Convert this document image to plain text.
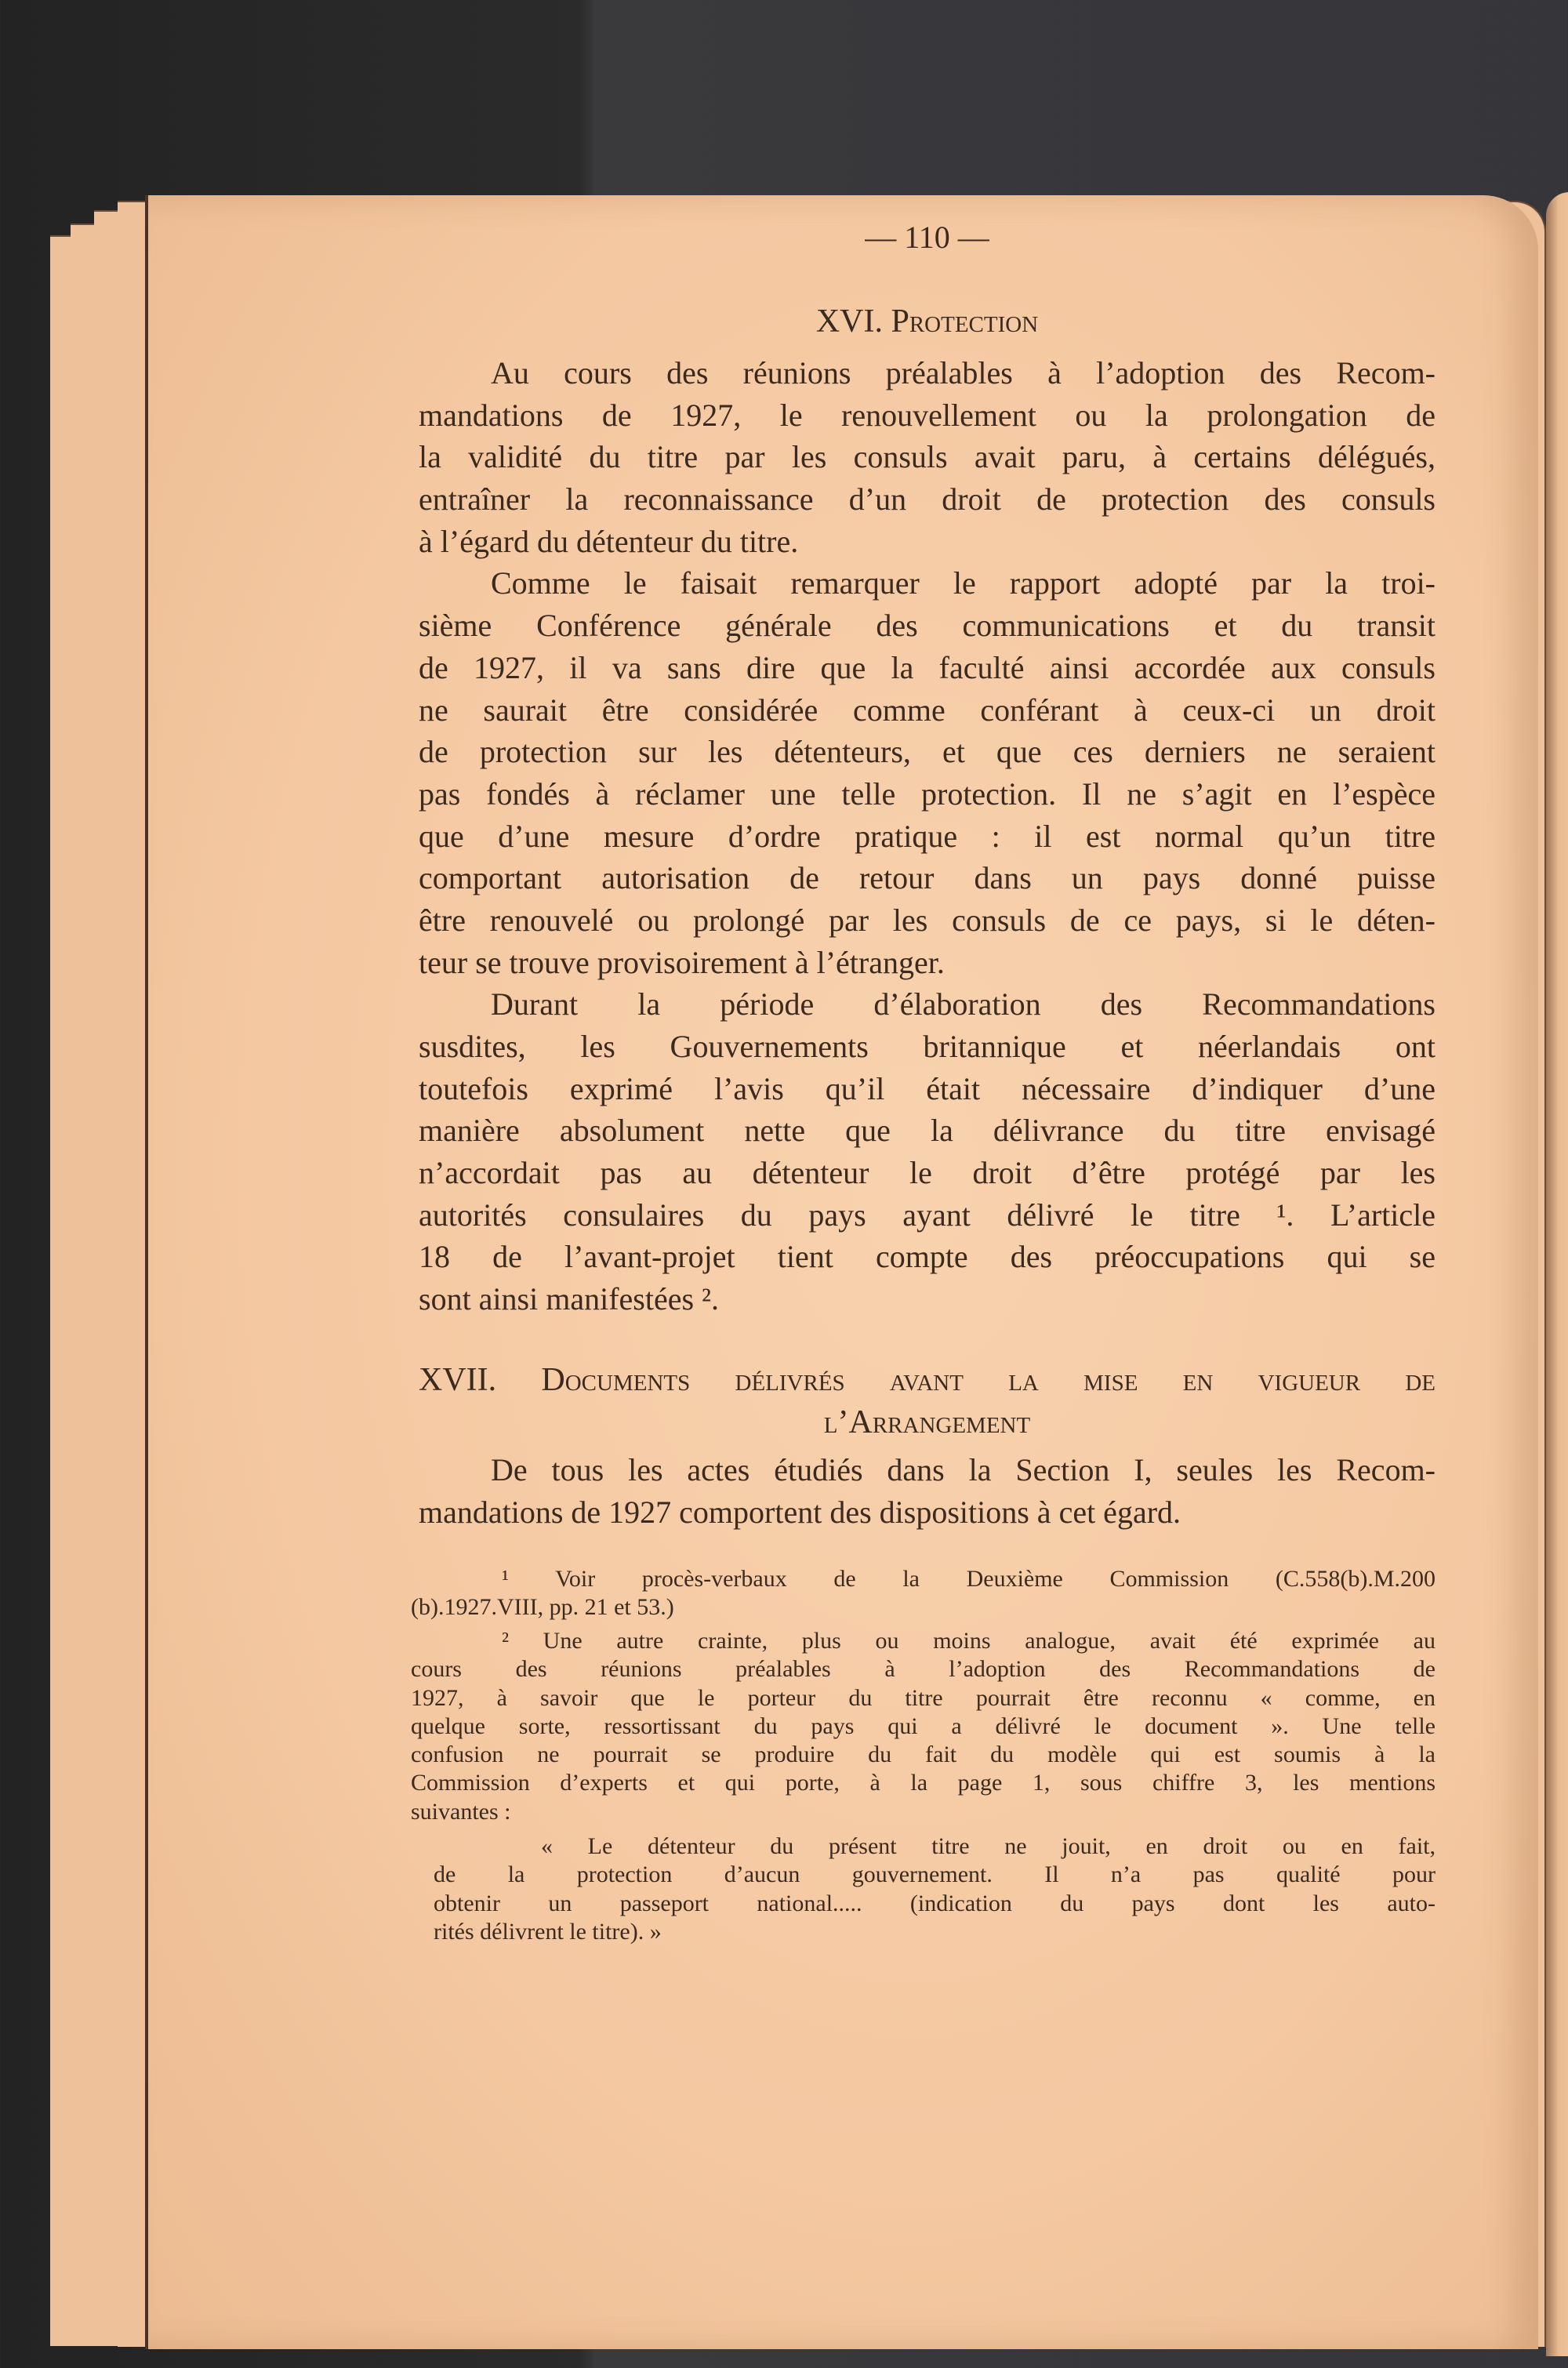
— 110 —
XVI. Protection
Au cours des réunions préalables à l’adoption des Recom-
mandations de 1927, le renouvellement ou la prolongation de
la validité du titre par les consuls avait paru, à certains délégués,
entraîner la reconnaissance d’un droit de protection des consuls
à l’égard du détenteur du titre.
Comme le faisait remarquer le rapport adopté par la troi-
sième Conférence générale des communications et du transit
de 1927, il va sans dire que la faculté ainsi accordée aux consuls
ne saurait être considérée comme conférant à ceux-ci un droit
de protection sur les détenteurs, et que ces derniers ne seraient
pas fondés à réclamer une telle protection. Il ne s’agit en l’espèce
que d’une mesure d’ordre pratique : il est normal qu’un titre
comportant autorisation de retour dans un pays donné puisse
être renouvelé ou prolongé par les consuls de ce pays, si le déten-
teur se trouve provisoirement à l’étranger.
Durant la période d’élaboration des Recommandations
susdites, les Gouvernements britannique et néerlandais ont
toutefois exprimé l’avis qu’il était nécessaire d’indiquer d’une
manière absolument nette que la délivrance du titre envisagé
n’accordait pas au détenteur le droit d’être protégé par les
autorités consulaires du pays ayant délivré le titre ¹. L’article
18 de l’avant-projet tient compte des préoccupations qui se
sont ainsi manifestées ².
XVII. Documents délivrés avant la mise en vigueur de
l’Arrangement
De tous les actes étudiés dans la Section I, seules les Recom-
mandations de 1927 comportent des dispositions à cet égard.
¹ Voir procès-verbaux de la Deuxième Commission (C.558(b).M.200
(b).1927.VIII, pp. 21 et 53.)
² Une autre crainte, plus ou moins analogue, avait été exprimée au
cours des réunions préalables à l’adoption des Recommandations de
1927, à savoir que le porteur du titre pourrait être reconnu « comme, en
quelque sorte, ressortissant du pays qui a délivré le document ». Une telle
confusion ne pourrait se produire du fait du modèle qui est soumis à la
Commission d’experts et qui porte, à la page 1, sous chiffre 3, les mentions
suivantes :
« Le détenteur du présent titre ne jouit, en droit ou en fait,
de la protection d’aucun gouvernement. Il n’a pas qualité pour
obtenir un passeport national..... (indication du pays dont les auto-
rités délivrent le titre). »
